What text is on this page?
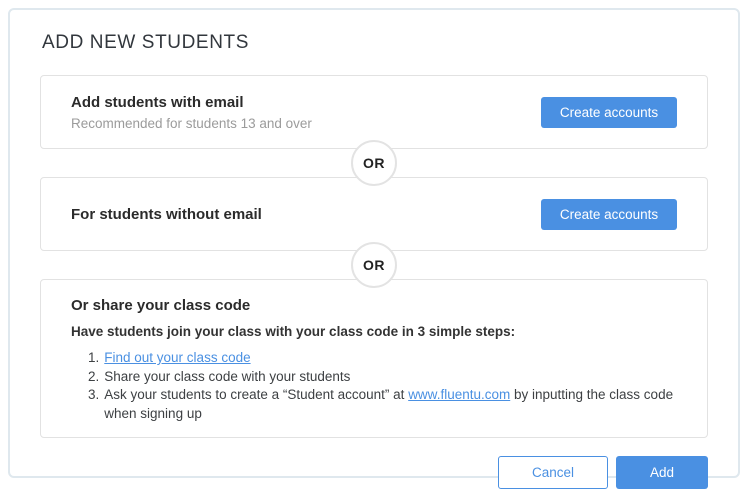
ADD NEW STUDENTS
Add students with email
Recommended for students 13 and over
Create accounts
OR
For students without email	Create accounts
OR
Or share your class code
Have students join your class with your class code in 3 simple steps:
1. Find out your class code
2. Share your class code with your students
3. Ask your students to create a “Student account” at www.fluentu.com by inputting the class code when signing up
Cancel	Add
